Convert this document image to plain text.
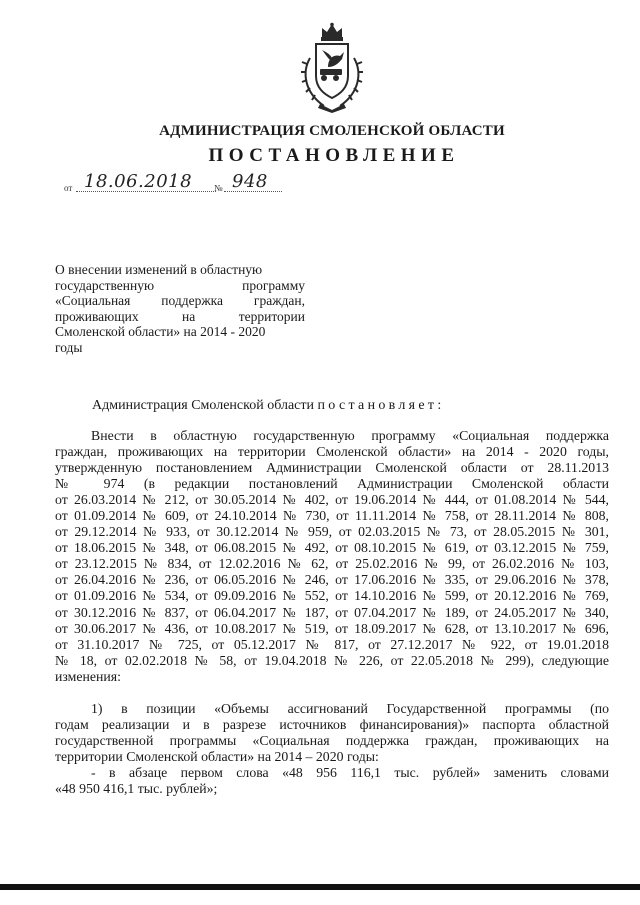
АДМИНИСТРАЦИЯ СМОЛЕНСКОЙ ОБЛАСТИ
ПОСТАНОВЛЕНИЕ
от 18.06.2018 № 948
О внесении изменений в областную
государственную программу
«Социальная поддержка граждан,
проживающих на территории
Смоленской области» на 2014 - 2020
годы
Администрация Смоленской области постановляет:
Внести в областную государственную программу «Социальная поддержка
граждан, проживающих на территории Смоленской области» на 2014 - 2020 годы,
утвержденную постановлением Администрации Смоленской области от 28.11.2013
№ 974 (в редакции постановлений Администрации Смоленской области
от 26.03.2014 № 212, от 30.05.2014 № 402, от 19.06.2014 № 444, от 01.08.2014 № 544,
от 01.09.2014 № 609, от 24.10.2014 № 730, от 11.11.2014 № 758, от 28.11.2014 № 808,
от 29.12.2014 № 933, от 30.12.2014 № 959, от 02.03.2015 № 73, от 28.05.2015 № 301,
от 18.06.2015 № 348, от 06.08.2015 № 492, от 08.10.2015 № 619, от 03.12.2015 № 759,
от 23.12.2015 № 834, от 12.02.2016 № 62, от 25.02.2016 № 99, от 26.02.2016 № 103,
от 26.04.2016 № 236, от 06.05.2016 № 246, от 17.06.2016 № 335, от 29.06.2016 № 378,
от 01.09.2016 № 534, от 09.09.2016 № 552, от 14.10.2016 № 599, от 20.12.2016 № 769,
от 30.12.2016 № 837, от 06.04.2017 № 187, от 07.04.2017 № 189, от 24.05.2017 № 340,
от 30.06.2017 № 436, от 10.08.2017 № 519, от 18.09.2017 № 628, от 13.10.2017 № 696,
от 31.10.2017 № 725, от 05.12.2017 № 817, от 27.12.2017 № 922, от 19.01.2018
№ 18, от 02.02.2018 № 58, от 19.04.2018 № 226, от 22.05.2018 № 299), следующие
изменения:
1) в позиции «Объемы ассигнований Государственной программы (по
годам реализации и в разрезе источников финансирования)» паспорта областной
государственной программы «Социальная поддержка граждан, проживающих на
территории Смоленской области» на 2014 – 2020 годы:
- в абзаце первом слова «48 956 116,1 тыс. рублей» заменить словами
«48 950 416,1 тыс. рублей»;
